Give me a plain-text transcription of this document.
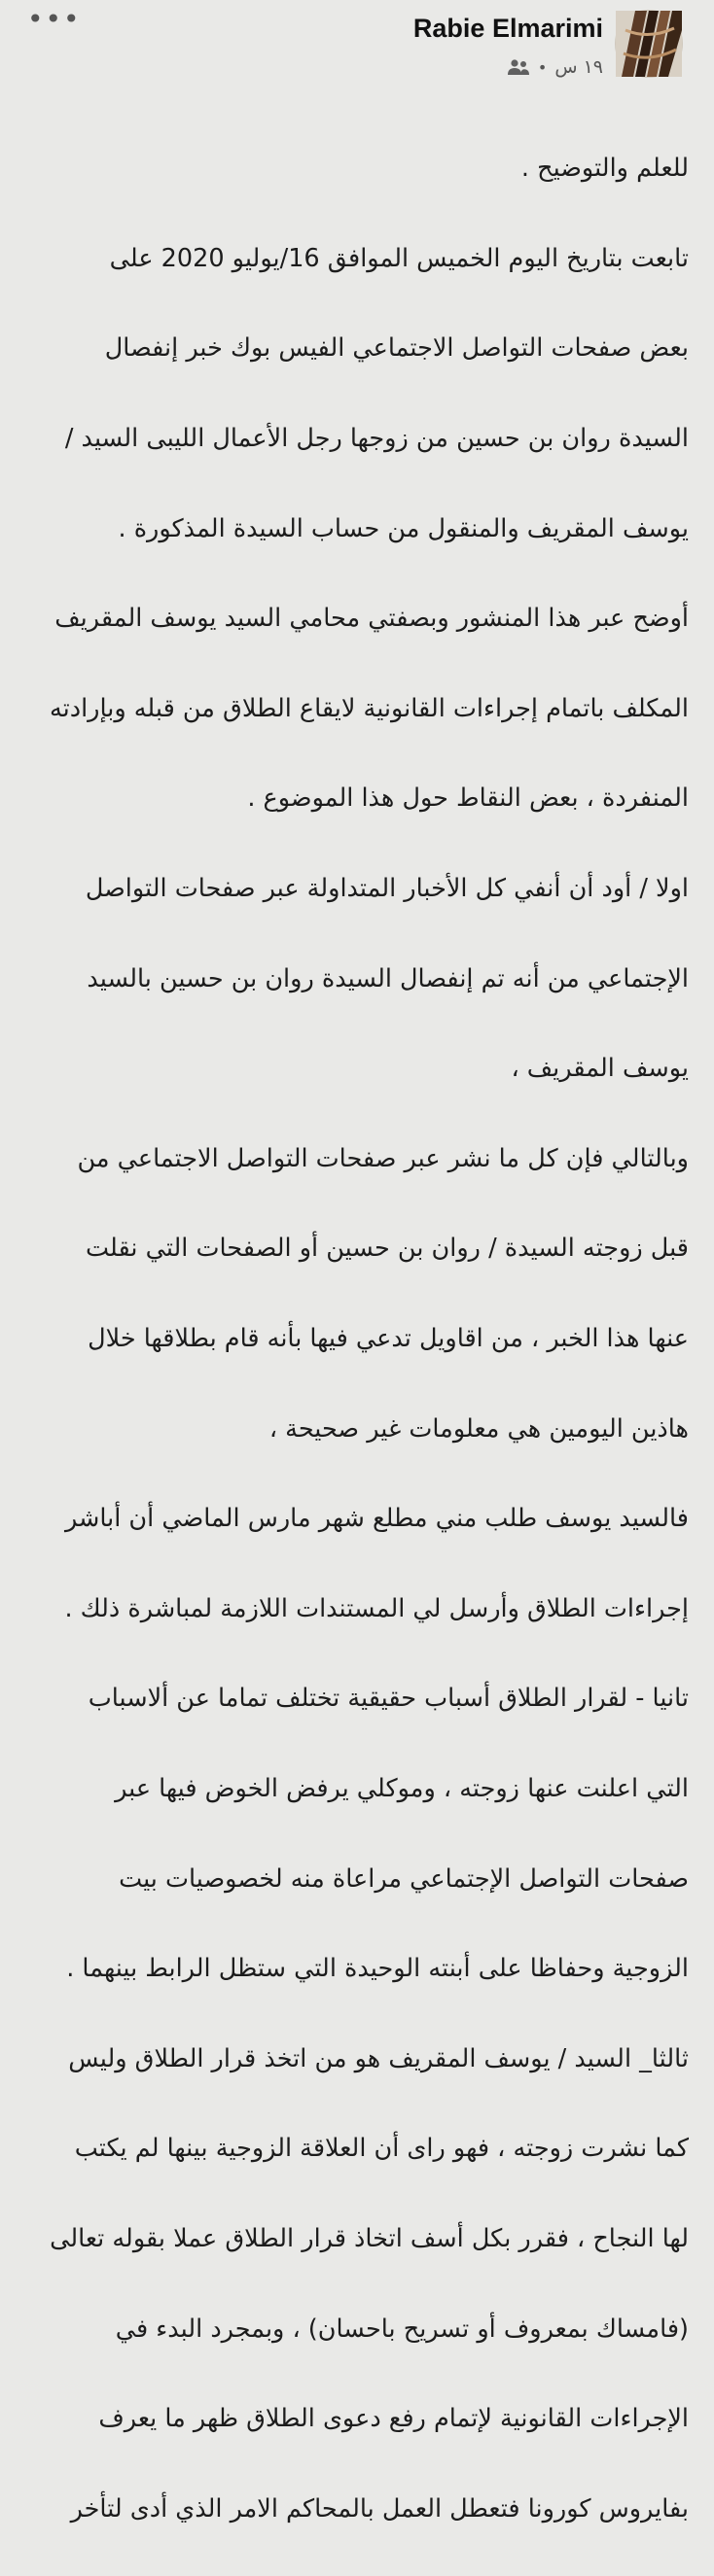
•••	Rabie Elmarimi
١٩ س
•

للعلم والتوضيح .

تابعت بتاريخ اليوم الخميس الموافق 16/يوليو 2020 على

بعض صفحات التواصل الاجتماعي الفيس بوك خبر إنفصال

السيدة روان بن حسين من زوجها رجل الأعمال الليبى السيد /

يوسف المقريف والمنقول من حساب السيدة المذكورة .

أوضح عبر هذا المنشور وبصفتي محامي السيد يوسف المقريف

المكلف باتمام إجراءات القانونية لايقاع الطلاق من قبله وبإرادته

المنفردة ، بعض النقاط حول هذا الموضوع .

اولا / أود أن أنفي كل الأخبار المتداولة عبر صفحات التواصل

الإجتماعي من أنه تم إنفصال السيدة روان بن حسين بالسيد

يوسف المقريف ،

وبالتالي فإن كل ما نشر عبر صفحات التواصل الاجتماعي من

قبل زوجته السيدة / روان بن حسين أو الصفحات التي نقلت

عنها هذا الخبر ، من اقاويل تدعي فيها بأنه قام بطلاقها خلال

هاذين اليومين هي معلومات غير صحيحة ،

فالسيد يوسف طلب مني مطلع شهر مارس الماضي أن أباشر

إجراءات الطلاق وأرسل لي المستندات اللازمة لمباشرة ذلك .

تانيا - لقرار الطلاق أسباب حقيقية تختلف تماما عن ألاسباب

التي اعلنت عنها زوجته ، وموكلي يرفض الخوض فيها عبر

صفحات التواصل الإجتماعي مراعاة منه لخصوصيات بيت

الزوجية وحفاظا على أبنته الوحيدة التي ستظل الرابط بينهما .

ثالثا_ السيد / يوسف المقريف هو من اتخذ قرار الطلاق وليس

كما نشرت زوجته ، فهو راى أن العلاقة الزوجية بينها لم يكتب

لها النجاح ، فقرر بكل أسف اتخاذ قرار الطلاق عملا بقوله تعالى

(فامساك بمعروف أو تسريح باحسان) ، وبمجرد البدء في

الإجراءات القانونية لإتمام رفع دعوى الطلاق ظهر ما يعرف

بفايروس كورونا فتعطل العمل بالمحاكم الامر الذي أدى لتأخر
